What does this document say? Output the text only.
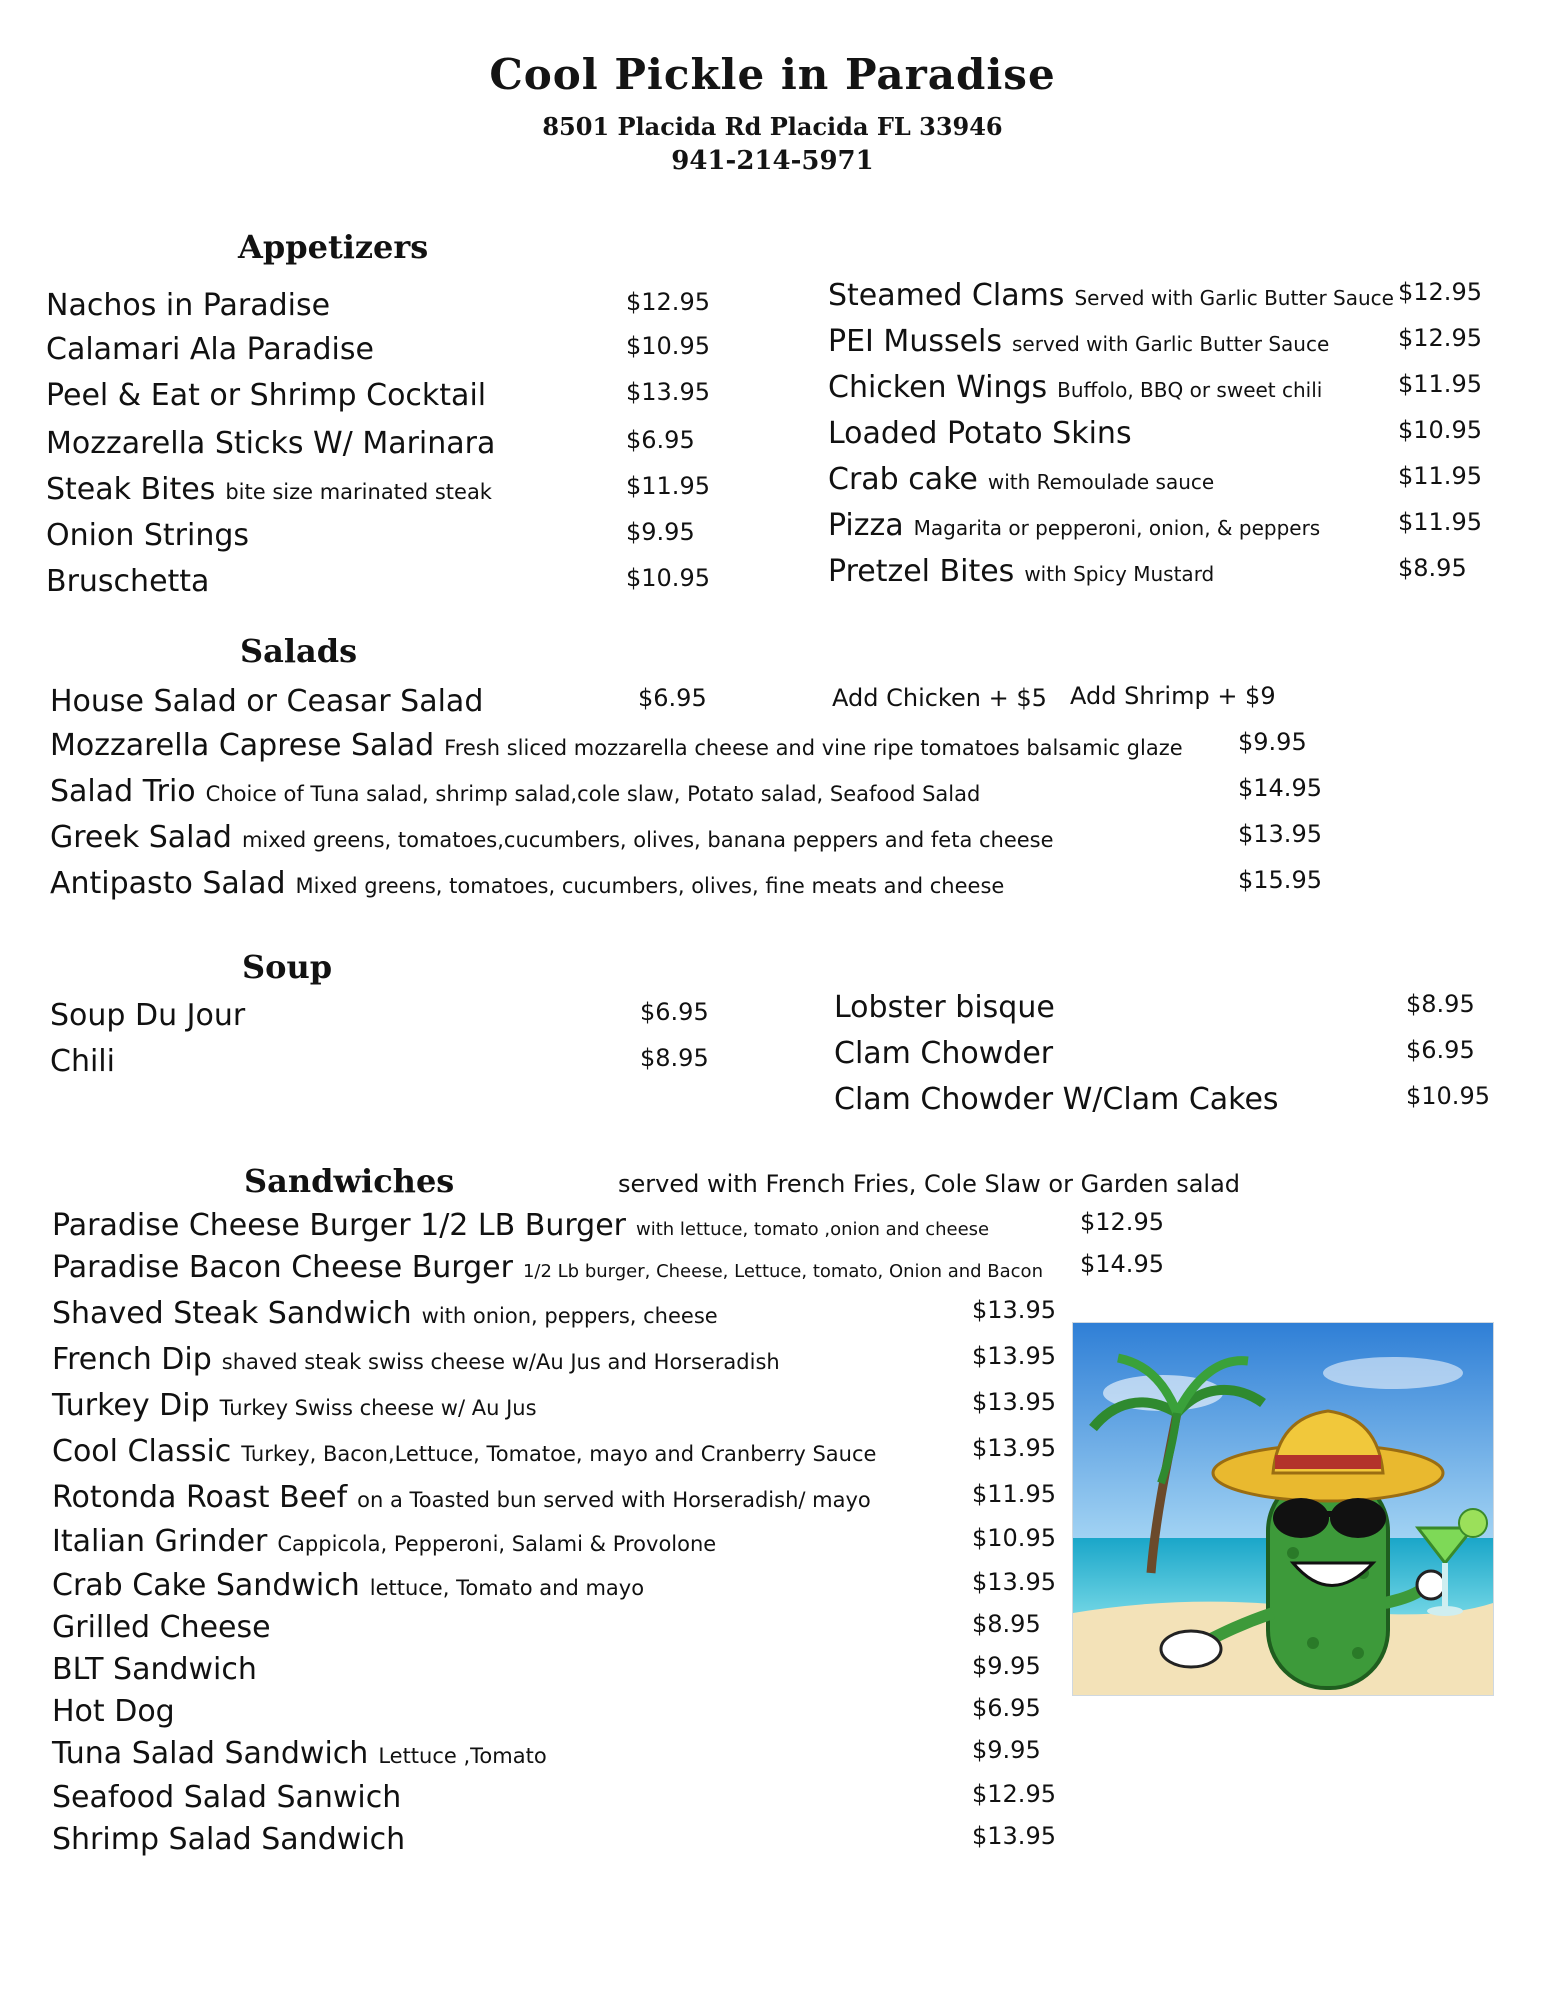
Cool Pickle in Paradise
8501 Placida Rd Placida FL 33946
941-214-5971
Appetizers
Salads
Soup
Sandwiches
Add Chicken + $5 Add Shrimp + $9
served with French Fries, Cole Slaw or Garden salad
Nachos in Paradise	$12.95
Calamari Ala Paradise	$10.95
Peel & Eat or Shrimp Cocktail	$13.95
Mozzarella Sticks W/ Marinara	$6.95
Steak Bites bite size marinated steak	$11.95
Onion Strings	$9.95
Bruschetta	$10.95
Steamed Clams Served with Garlic Butter Sauce $12.95
PEI Mussels served with Garlic Butter Sauce	$12.95
Chicken Wings Buffolo, BBQ or sweet chili	$11.95
Loaded Potato Skins	$10.95
Crab cake with Remoulade sauce	$11.95
Pizza Magarita or pepperoni, onion, & peppers	$11.95
Pretzel Bites with Spicy Mustard	$8.95
House Salad or Ceasar Salad	$6.95
Mozzarella Caprese Salad Fresh sliced mozzarella cheese and vine ripe tomatoes balsamic glaze $9.95
Salad Trio Choice of Tuna salad, shrimp salad,cole slaw, Potato salad, Seafood Salad	$14.95
Greek Salad mixed greens, tomatoes,cucumbers, olives, banana peppers and feta cheese	$13.95
Antipasto Salad Mixed greens, tomatoes, cucumbers, olives, fine meats and cheese	$15.95
Soup Du Jour	$6.95
Chili	$8.95
Lobster bisque	$8.95
Clam Chowder	$6.95
Clam Chowder W/Clam Cakes	$10.95
Paradise Cheese Burger 1/2 LB Burger with lettuce, tomato ,onion and cheese	$12.95
Paradise Bacon Cheese Burger 1/2 Lb burger, Cheese, Lettuce, tomato, Onion and Bacon $14.95
Shaved Steak Sandwich with onion, peppers, cheese	$13.95
French Dip shaved steak swiss cheese w/Au Jus and Horseradish	$13.95
Turkey Dip Turkey Swiss cheese w/ Au Jus	$13.95
Cool Classic Turkey, Bacon,Lettuce, Tomatoe, mayo and Cranberry Sauce	$13.95
Rotonda Roast Beef on a Toasted bun served with Horseradish/ mayo	$11.95
Italian Grinder Cappicola, Pepperoni, Salami & Provolone	$10.95
Crab Cake Sandwich lettuce, Tomato and mayo	$13.95
Grilled Cheese	$8.95
BLT Sandwich	$9.95
Hot Dog	$6.95
Tuna Salad Sandwich Lettuce ,Tomato	$9.95
Seafood Salad Sanwich	$12.95
Shrimp Salad Sandwich	$13.95
